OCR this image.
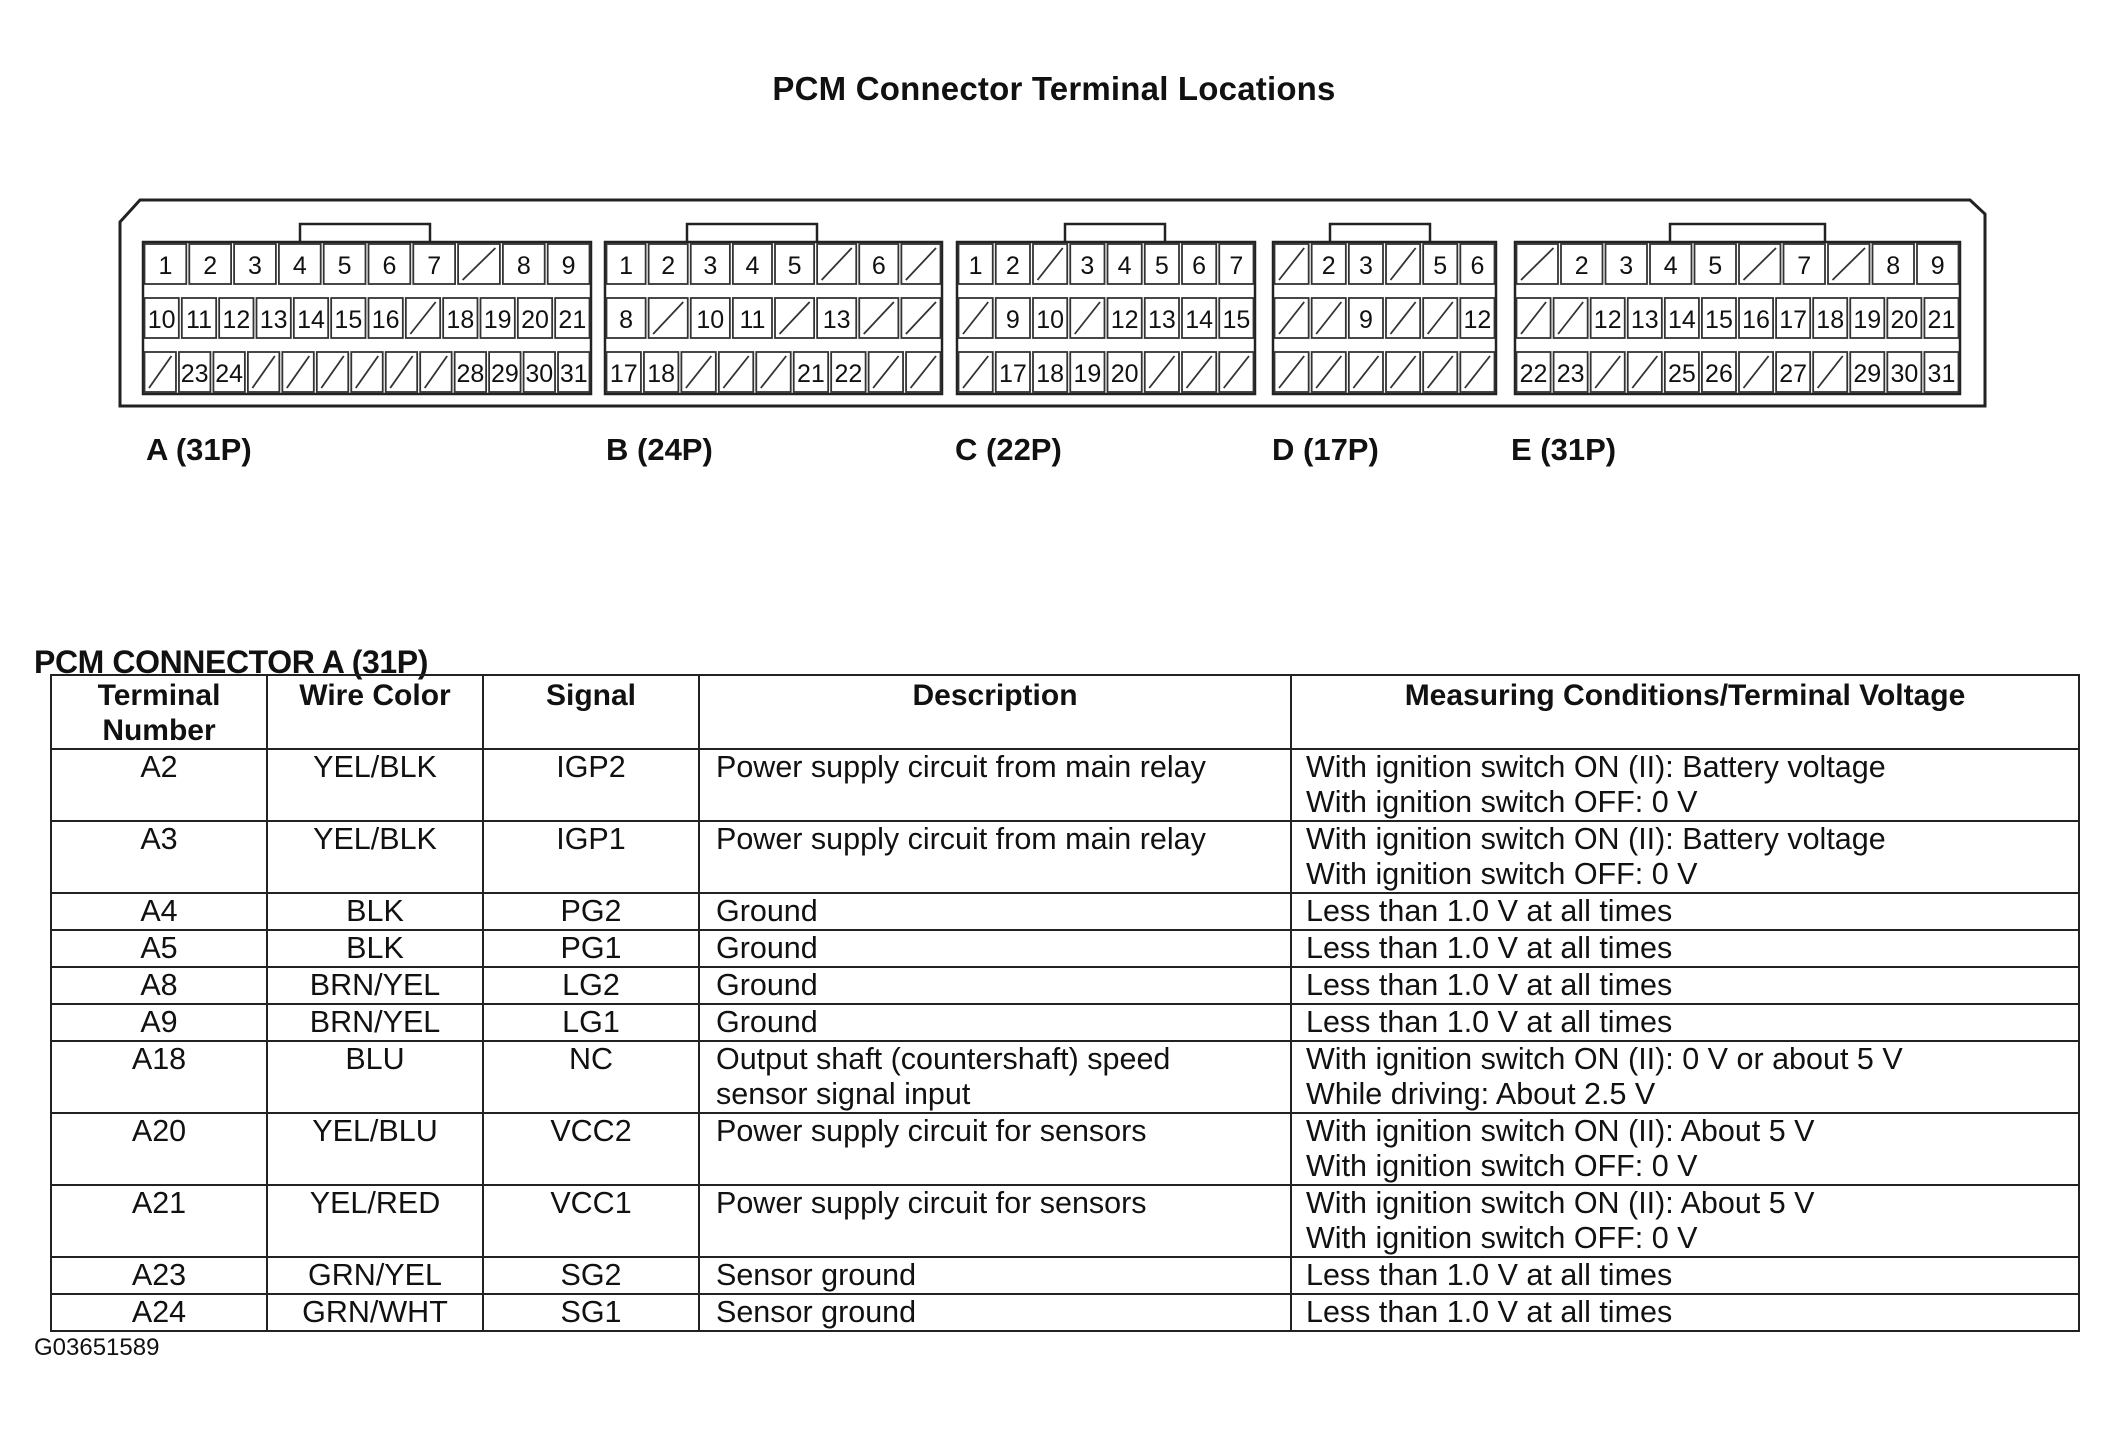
PCM Connector Terminal Locations
1 2 3 4 5 6 7	8 9
10 11 12 13 14 15 16 18 19 20 21
23 24	28 29 30 31
1 2 3 4 5	6
8	10 11 13
17 18	21 22
1 2 3 4 5 6 7
9 10 12 13 14 15
17 18 19 20
2 3 5 6
9	12
2 3 4 5	7	8 9
12 13 14 15 16 17 18 19 20 21
22 23	25 26 27 29 30 31
A (31P)	B (24P)	C (22P)	D (17P)	E (31P)
PCM CONNECTOR A (31P)
Terminal
Number	Wire Color	Signal	Description	Measuring Conditions/Terminal Voltage
A2	YEL/BLK	IGP2	Power supply circuit from main relay	With ignition switch ON (II): Battery voltage
With ignition switch OFF: 0 V

A3	YEL/BLK	IGP1	Power supply circuit from main relay	With ignition switch ON (II): Battery voltage
With ignition switch OFF: 0 V

A4	BLK	PG2	Ground	Less than 1.0 V at all times

A5	BLK	PG1	Ground	Less than 1.0 V at all times

A8	BRN/YEL	LG2	Ground	Less than 1.0 V at all times

A9	BRN/YEL	LG1	Ground	Less than 1.0 V at all times

A18	BLU	NC	Output shaft (countershaft) speed
sensor signal input	With ignition switch ON (II): 0 V or about 5 V
While driving: About 2.5 V

A20	YEL/BLU	VCC2	Power supply circuit for sensors	With ignition switch ON (II): About 5 V
With ignition switch OFF: 0 V

A21	YEL/RED	VCC1	Power supply circuit for sensors	With ignition switch ON (II): About 5 V
With ignition switch OFF: 0 V

A23	GRN/YEL	SG2	Sensor ground	Less than 1.0 V at all times

A24	GRN/WHT	SG1	Sensor ground	Less than 1.0 V at all times
G03651589
